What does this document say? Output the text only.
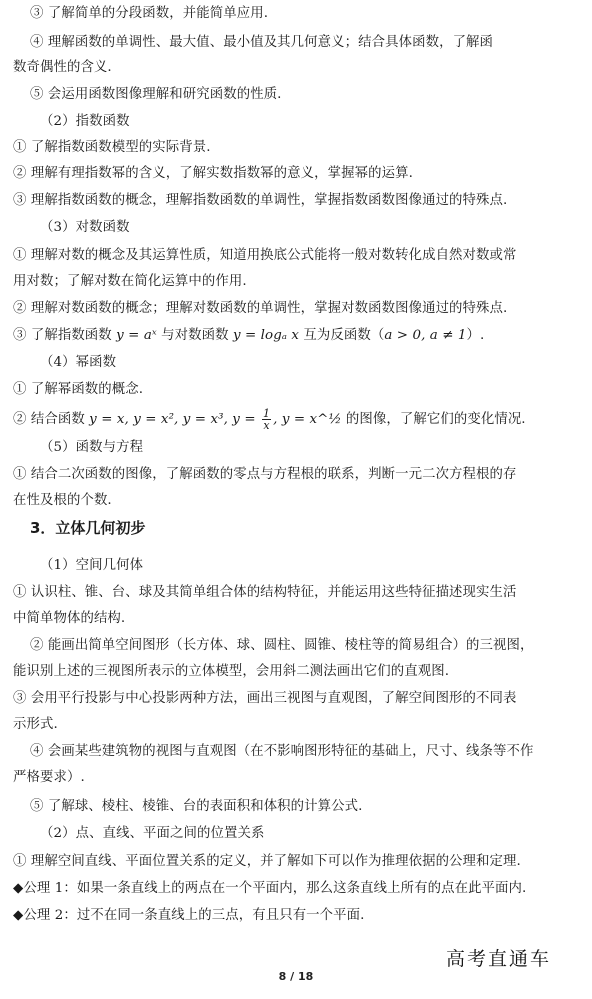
③ 了解简单的分段函数，并能简单应用.
④ 理解函数的单调性、最大值、最小值及其几何意义；结合具体函数，了解函
数奇偶性的含义.
⑤ 会运用函数图像理解和研究函数的性质.
（2）指数函数
① 了解指数函数模型的实际背景.
② 理解有理指数幂的含义，了解实数指数幂的意义，掌握幂的运算.
③ 理解指数函数的概念，理解指数函数的单调性，掌握指数函数图像通过的特殊点.
（3）对数函数
① 理解对数的概念及其运算性质，知道用换底公式能将一般对数转化成自然对数或常
用对数；了解对数在简化运算中的作用.
② 理解对数函数的概念；理解对数函数的单调性，掌握对数函数图像通过的特殊点.
③ 了解指数函数 y = aˣ 与对数函数 y = logₐ x 互为反函数（a > 0, a ≠ 1）.
（4）幂函数
① 了解幂函数的概念.
② 结合函数 y = x, y = x², y = x³, $y = \frac{1}{x}$ , y = x^½ 的图像，了解它们的变化情况.
（5）函数与方程
① 结合二次函数的图像，了解函数的零点与方程根的联系，判断一元二次方程根的存
在性及根的个数.
3．立体几何初步
（1）空间几何体
① 认识柱、锥、台、球及其简单组合体的结构特征，并能运用这些特征描述现实生活
中简单物体的结构.
② 能画出简单空间图形（长方体、球、圆柱、圆锥、棱柱等的简易组合）的三视图，
能识别上述的三视图所表示的立体模型，会用斜二测法画出它们的直观图.
③ 会用平行投影与中心投影两种方法，画出三视图与直观图，了解空间图形的不同表
示形式.
④ 会画某些建筑物的视图与直观图（在不影响图形特征的基础上，尺寸、线条等不作
严格要求）.
⑤ 了解球、棱柱、棱锥、台的表面积和体积的计算公式.
（2）点、直线、平面之间的位置关系
① 理解空间直线、平面位置关系的定义，并了解如下可以作为推理依据的公理和定理.
◆公理 1：如果一条直线上的两点在一个平面内，那么这条直线上所有的点在此平面内.
◆公理 2：过不在同一条直线上的三点，有且只有一个平面.
高考直通车
8 / 18
